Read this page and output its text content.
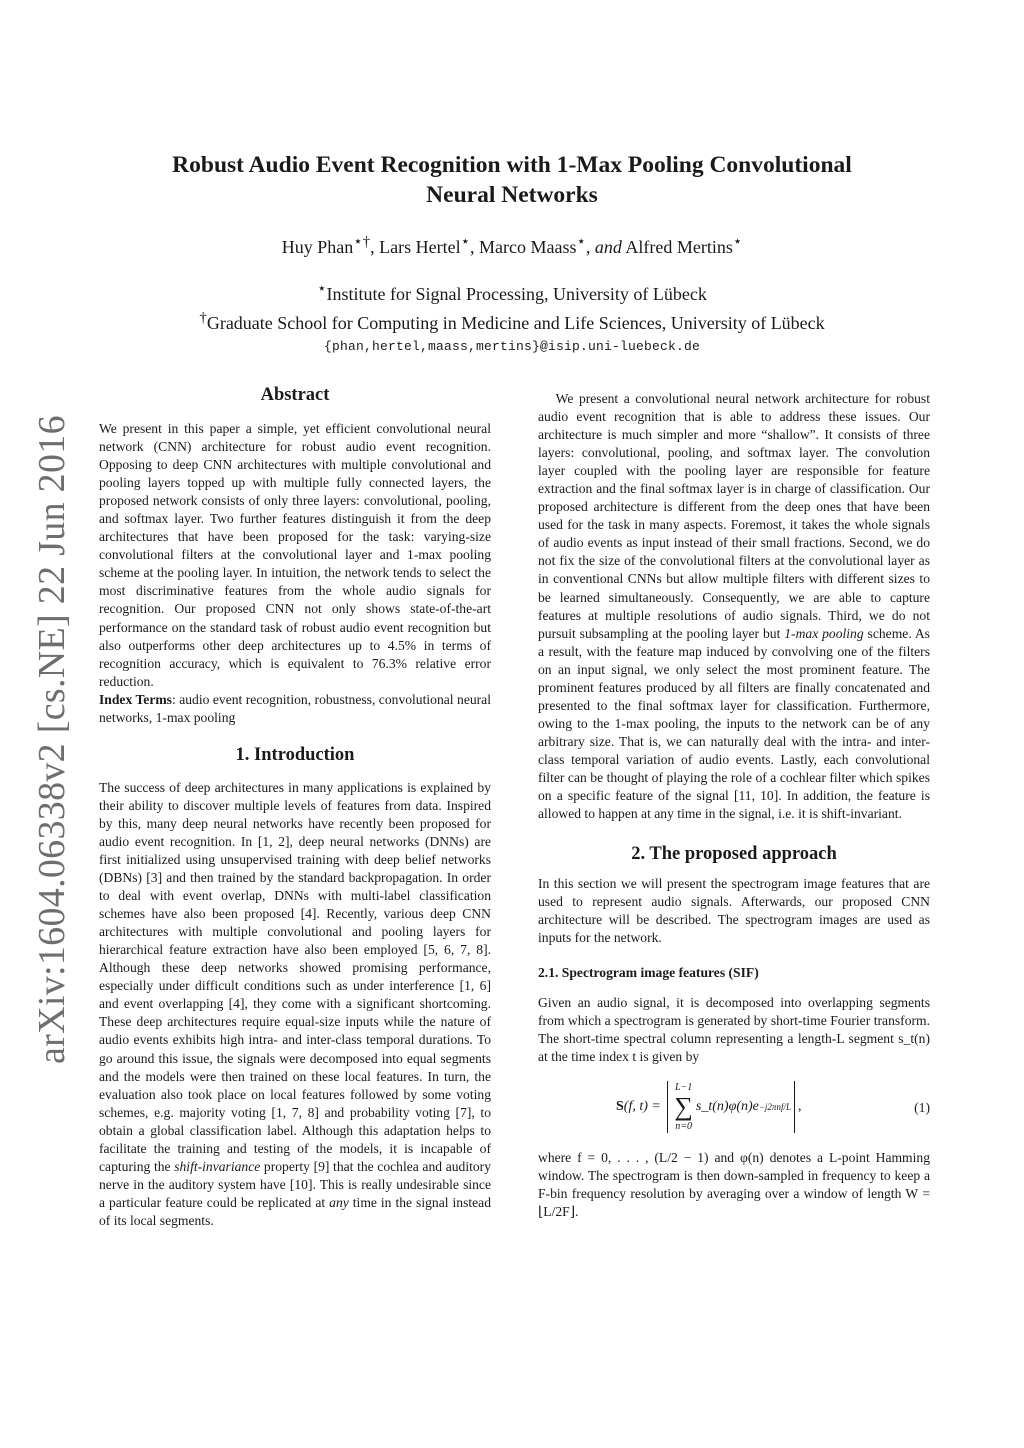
arXiv:1604.06338v2 [cs.NE] 22 Jun 2016
Robust Audio Event Recognition with 1-Max Pooling Convolutional
Neural Networks
Huy Phan⋆†, Lars Hertel⋆, Marco Maass⋆, and Alfred Mertins⋆
⋆Institute for Signal Processing, University of Lübeck
†Graduate School for Computing in Medicine and Life Sciences, University of Lübeck
{phan,hertel,maass,mertins}@isip.uni-luebeck.de
Abstract

We present in this paper a simple, yet efficient convolutional neural network (CNN) architecture for robust audio event recognition. Opposing to deep CNN architectures with multiple convolutional and pooling layers topped up with multiple fully connected layers, the proposed network consists of only three layers: convolutional, pooling, and softmax layer. Two further features distinguish it from the deep architectures that have been proposed for the task: varying-size convolutional filters at the convolutional layer and 1-max pooling scheme at the pooling layer. In intuition, the network tends to select the most discriminative features from the whole audio signals for recognition. Our proposed CNN not only shows state-of-the-art performance on the standard task of robust audio event recognition but also outperforms other deep architectures up to 4.5% in terms of recognition accuracy, which is equivalent to 76.3% relative error reduction.

Index Terms: audio event recognition, robustness, convolutional neural networks, 1-max pooling

1. Introduction

The success of deep architectures in many applications is explained by their ability to discover multiple levels of features from data. Inspired by this, many deep neural networks have recently been proposed for audio event recognition. In [1, 2], deep neural networks (DNNs) are first initialized using unsupervised training with deep belief networks (DBNs) [3] and then trained by the standard backpropagation. In order to deal with event overlap, DNNs with multi-label classification schemes have also been proposed [4]. Recently, various deep CNN architectures with multiple convolutional and pooling layers for hierarchical feature extraction have also been employed [5, 6, 7, 8]. Although these deep networks showed promising performance, especially under difficult conditions such as under interference [1, 6] and event overlapping [4], they come with a significant shortcoming. These deep architectures require equal-size inputs while the nature of audio events exhibits high intra- and inter-class temporal durations. To go around this issue, the signals were decomposed into equal segments and the models were then trained on these local features. In turn, the evaluation also took place on local features followed by some voting schemes, e.g. majority voting [1, 7, 8] and probability voting [7], to obtain a global classification label. Although this adaptation helps to facilitate the training and testing of the models, it is incapable of capturing the shift-invariance property [9] that the cochlea and auditory nerve in the auditory system have [10]. This is really undesirable since a particular feature could be replicated at any time in the signal instead of its local segments.

We present a convolutional neural network architecture for robust audio event recognition that is able to address these issues. Our architecture is much simpler and more “shallow”. It consists of three layers: convolutional, pooling, and softmax layer. The convolution layer coupled with the pooling layer are responsible for feature extraction and the final softmax layer is in charge of classification. Our proposed architecture is different from the deep ones that have been used for the task in many aspects. Foremost, it takes the whole signals of audio events as input instead of their small fractions. Second, we do not fix the size of the convolutional filters at the convolutional layer as in conventional CNNs but allow multiple filters with different sizes to be learned simultaneously. Consequently, we are able to capture features at multiple resolutions of audio signals. Third, we do not pursuit subsampling at the pooling layer but 1-max pooling scheme. As a result, with the feature map induced by convolving one of the filters on an input signal, we only select the most prominent feature. The prominent features produced by all filters are finally concatenated and presented to the final softmax layer for classification. Furthermore, owing to the 1-max pooling, the inputs to the network can be of any arbitrary size. That is, we can naturally deal with the intra- and inter-class temporal variation of audio events. Lastly, each convolutional filter can be thought of playing the role of a cochlear filter which spikes on a specific feature of the signal [11, 10]. In addition, the feature is allowed to happen at any time in the signal, i.e. it is shift-invariant.

2. The proposed approach

In this section we will present the spectrogram image features that are used to represent audio signals. Afterwards, our proposed CNN architecture will be described. The spectrogram images are used as inputs for the network.

2.1. Spectrogram image features (SIF)

Given an audio signal, it is decomposed into overlapping segments from which a spectrogram is generated by short-time Fourier transform. The short-time spectral column representing a length-L segment s_t(n) at the time index t is given by

S (f, t) =
L−1
∑
n=0
s_t(n)φ(n)e −j2πnf/L ,	(1)

where f = 0, . . . , (L/2 − 1) and φ(n) denotes a L-point Hamming window. The spectrogram is then down-sampled in frequency to keep a F-bin frequency resolution by averaging over a window of length W = ⌊L/2F⌋.
